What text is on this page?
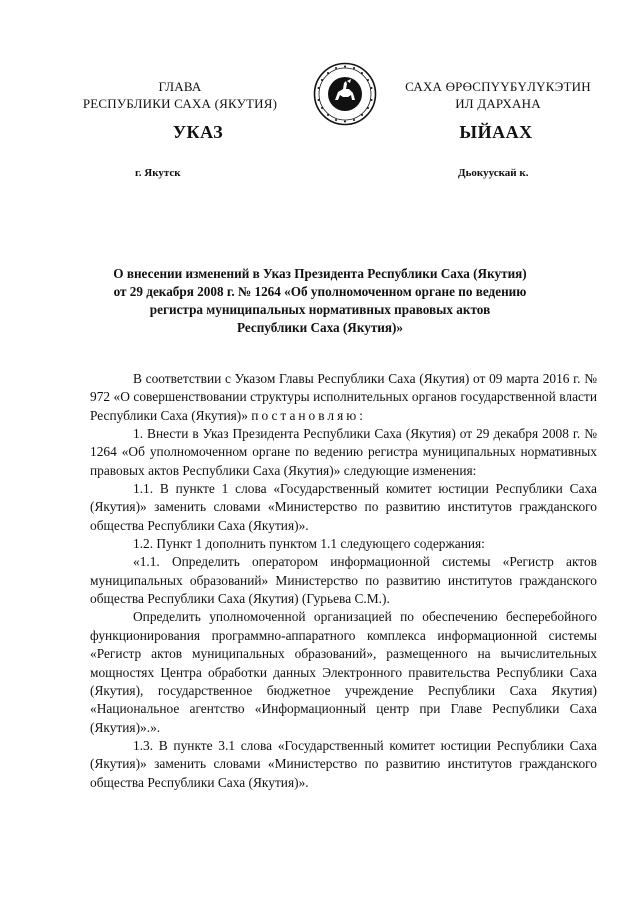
ГЛАВА
РЕСПУБЛИКИ САХА (ЯКУТИЯ)
САХА ӨРӨСПҮҮБҮЛҮКЭТИН
ИЛ ДАРХАНА
УКАЗ	ЫЙААХ
г. Якутск	Дьокуускай к.
О внесении изменений в Указ Президента Республики Саха (Якутия)
от 29 декабря 2008 г. № 1264 «Об уполномоченном органе по ведению
регистра муниципальных нормативных правовых актов
Республики Саха (Якутия)»

В соответствии с Указом Главы Республики Саха (Якутия) от 09 марта 2016 г. № 972 «О совершенствовании структуры исполнительных органов государственной власти Республики Саха (Якутия)» постановляю:

1. Внести в Указ Президента Республики Саха (Якутия) от 29 декабря 2008 г. № 1264 «Об уполномоченном органе по ведению регистра муниципальных нормативных правовых актов Республики Саха (Якутия)» следующие изменения:

1.1. В пункте 1 слова «Государственный комитет юстиции Республики Саха (Якутия)» заменить словами «Министерство по развитию институтов гражданского общества Республики Саха (Якутия)».

1.2. Пункт 1 дополнить пунктом 1.1 следующего содержания:

«1.1. Определить оператором информационной системы «Регистр актов муниципальных образований» Министерство по развитию институтов гражданского общества Республики Саха (Якутия) (Гурьева С.М.).

Определить уполномоченной организацией по обеспечению бесперебойного функционирования программно-аппаратного комплекса информационной системы «Регистр актов муниципальных образований», размещенного на вычислительных мощностях Центра обработки данных Электронного правительства Республики Саха (Якутия), государственное бюджетное учреждение Республики Саха Якутия) «Национальное агентство «Информационный центр при Главе Республики Саха (Якутия)».».

1.3. В пункте 3.1 слова «Государственный комитет юстиции Республики Саха (Якутия)» заменить словами «Министерство по развитию институтов гражданского общества Республики Саха (Якутия)».
